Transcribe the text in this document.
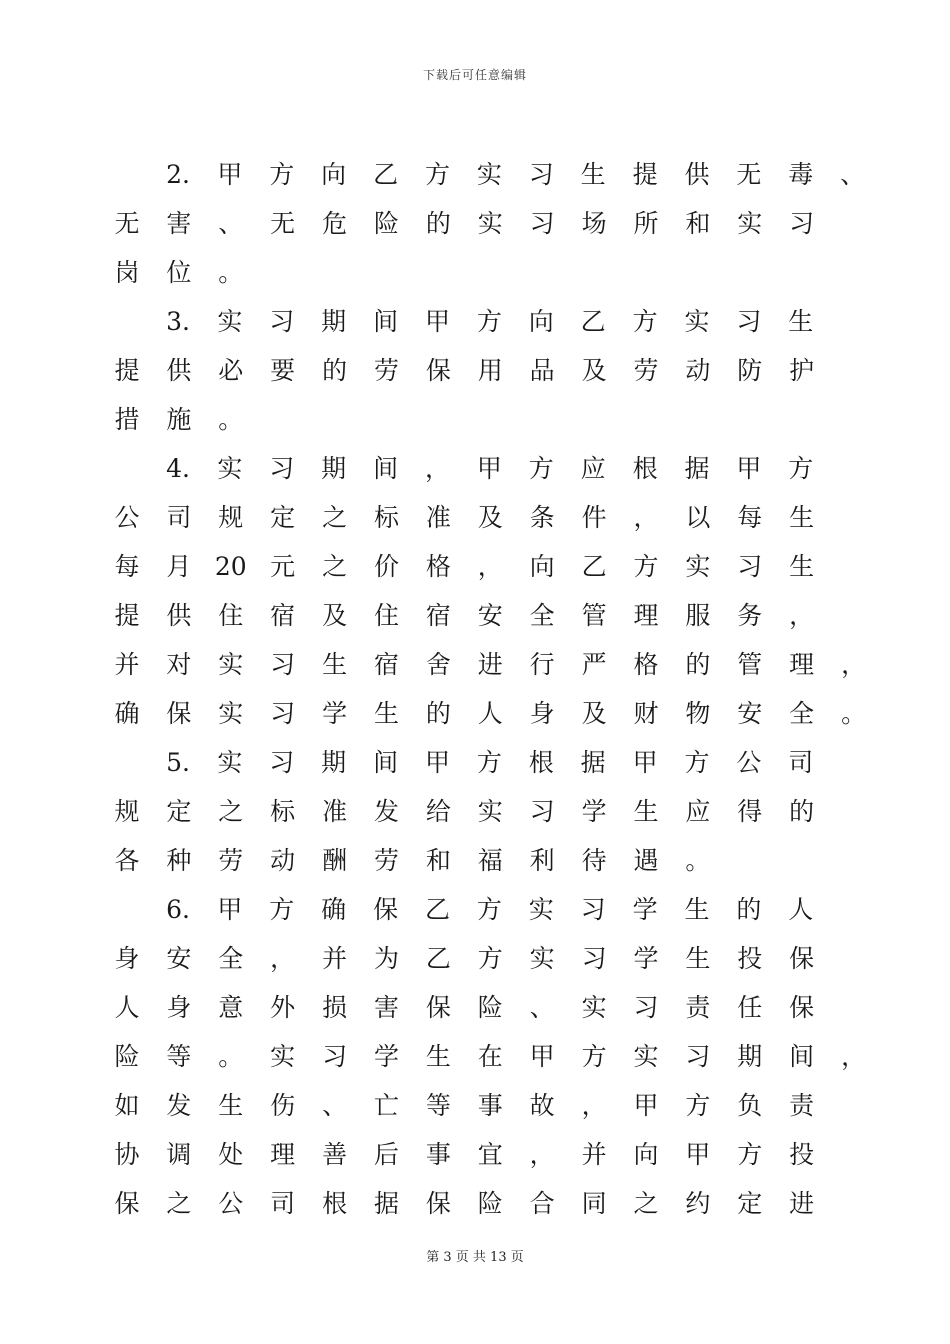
下载后可任意编辑
2. 甲 方 向 乙 方 实 习 生 提 供 无 毒 、
无 害 、 无 危 险 的 实 习 场 所 和 实 习
岗 位 。
3. 实 习 期 间 甲 方 向 乙 方 实 习 生
提 供 必 要 的 劳 保 用 品 及 劳 动 防 护
措 施 。
4. 实 习 期 间 ， 甲 方 应 根 据 甲 方
公 司 规 定 之 标 准 及 条 件 ， 以 每 生
每 月 20 元 之 价 格 ， 向 乙 方 实 习 生
提 供 住 宿 及 住 宿 安 全 管 理 服 务 ，
并 对 实 习 生 宿 舍 进 行 严 格 的 管 理 ，
确 保 实 习 学 生 的 人 身 及 财 物 安 全 。
5. 实 习 期 间 甲 方 根 据 甲 方 公 司
规 定 之 标 准 发 给 实 习 学 生 应 得 的
各 种 劳 动 酬 劳 和 福 利 待 遇 。
6. 甲 方 确 保 乙 方 实 习 学 生 的 人
身 安 全 ， 并 为 乙 方 实 习 学 生 投 保
人 身 意 外 损 害 保 险 、 实 习 责 任 保
险 等 。 实 习 学 生 在 甲 方 实 习 期 间 ，
如 发 生 伤 、 亡 等 事 故 ， 甲 方 负 责
协 调 处 理 善 后 事 宜 ， 并 向 甲 方 投
保 之 公 司 根 据 保 险 合 同 之 约 定 进
第 3 页 共 13 页
